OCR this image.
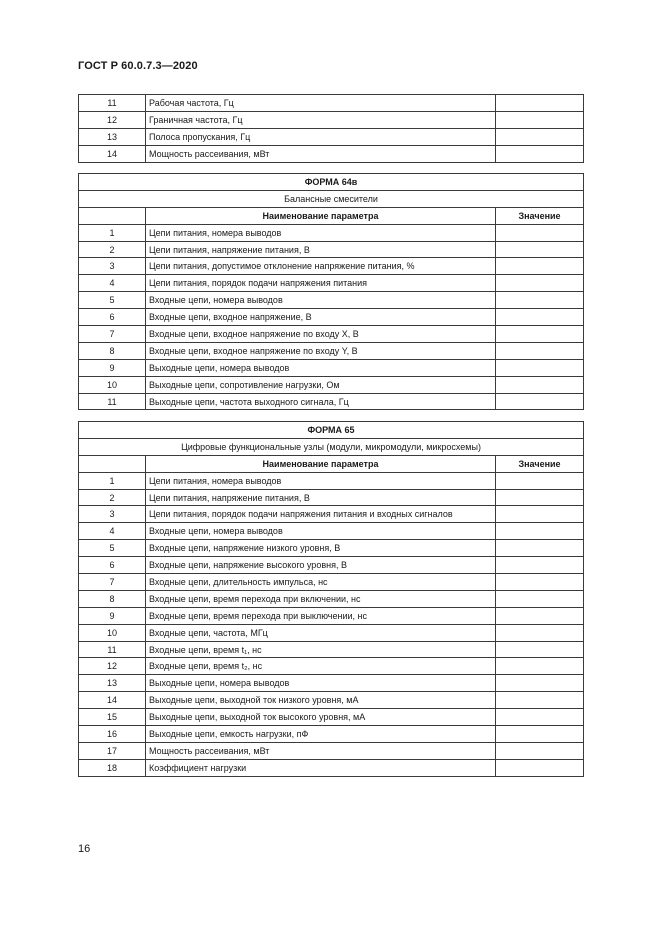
ГОСТ Р 60.0.7.3—2020
11	Рабочая частота, Гц	
12	Граничная частота, Гц	
13	Полоса пропускания, Гц	
14	Мощность рассеивания, мВт	
ФОРМА 64в		
Балансные смесители		
	Наименование параметра	Значение
1	Цепи питания, номера выводов	
2	Цепи питания, напряжение питания, В	
3	Цепи питания, допустимое отклонение напряжение питания, %	
4	Цепи питания, порядок подачи напряжения питания	
5	Входные цепи, номера выводов	
6	Входные цепи, входное напряжение, В	
7	Входные цепи, входное напряжение по входу X, В	
8	Входные цепи, входное напряжение по входу Y, В	
9	Выходные цепи, номера выводов	
10	Выходные цепи, сопротивление нагрузки, Ом	
11	Выходные цепи, частота выходного сигнала, Гц	
ФОРМА 65		
Цифровые функциональные узлы (модули, микромодули, микросхемы)		
	Наименование параметра	Значение
1	Цепи питания, номера выводов	
2	Цепи питания, напряжение питания, В	
3	Цепи питания, порядок подачи напряжения питания и входных сигналов	
4	Входные цепи, номера выводов	
5	Входные цепи, напряжение низкого уровня, В	
6	Входные цепи, напряжение высокого уровня, В	
7	Входные цепи, длительность импульса, нс	
8	Входные цепи, время перехода при включении, нс	
9	Входные цепи, время перехода при выключении, нс	
10	Входные цепи, частота, МГц	
11	Входные цепи, время t₁, нс	
12	Входные цепи, время t₂, нс	
13	Выходные цепи, номера выводов	
14	Выходные цепи, выходной ток низкого уровня, мА	
15	Выходные цепи, выходной ток высокого уровня, мА	
16	Выходные цепи, емкость нагрузки, пФ	
17	Мощность рассеивания, мВт	
18	Коэффициент нагрузки	
16
